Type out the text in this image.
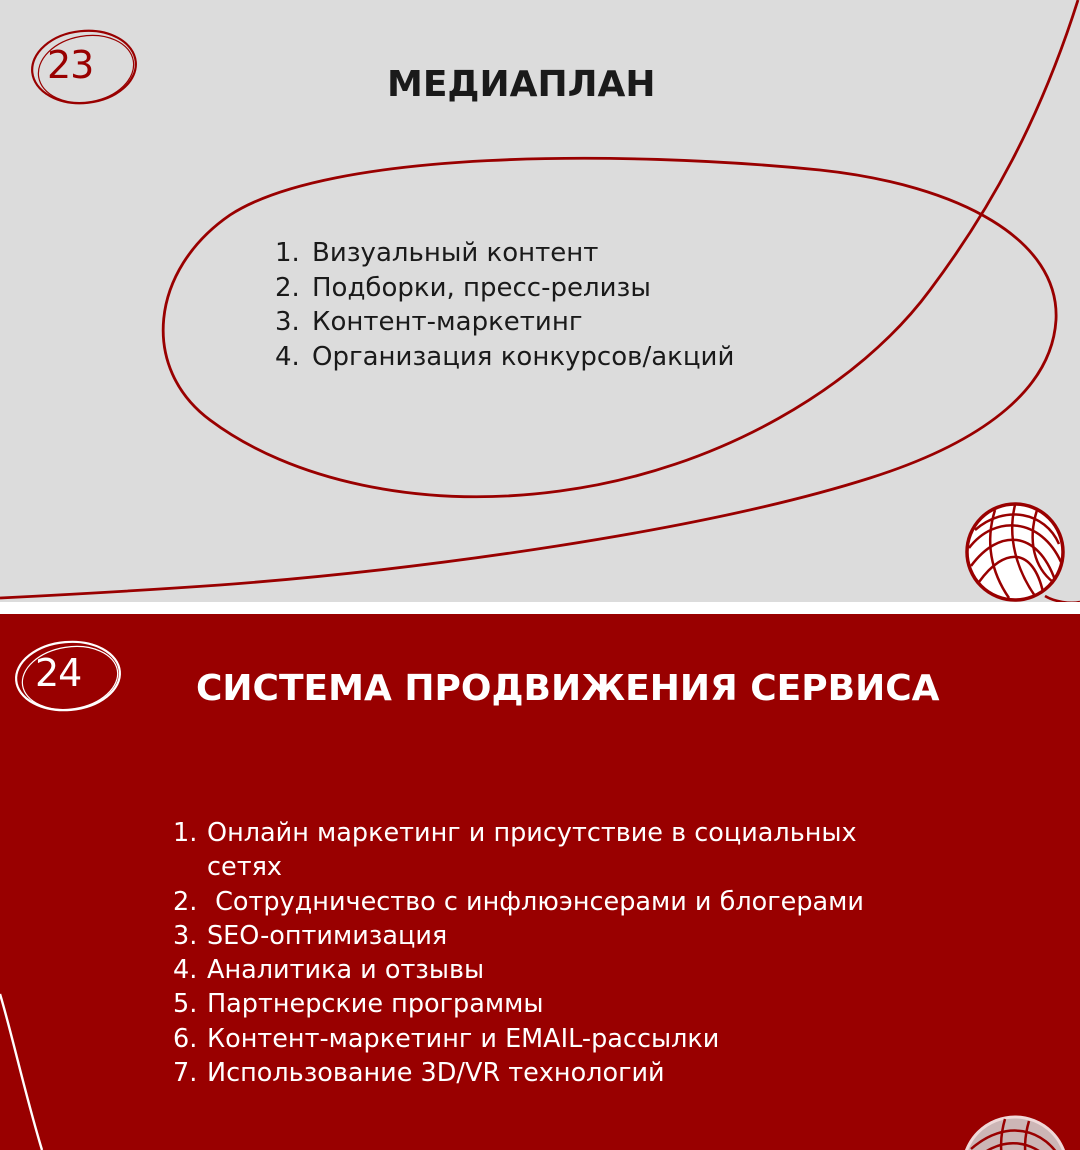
23	МЕДИАПЛАН
1. Визуальный контент
2. Подборки, пресс-релизы
3. Контент-маркетинг
4. Организация конкурсов/акций
24	СИСТЕМА ПРОДВИЖЕНИЯ СЕРВИСА
1. Онлайн маркетинг и присутствие в социальных
сетях
2. Сотрудничество с инфлюэнсерами и блогерами
3. SEO-оптимизация
4. Аналитика и отзывы
5. Партнерские программы
6. Контент-маркетинг и EMAIL-рассылки
7. Использование 3D/VR технологий
